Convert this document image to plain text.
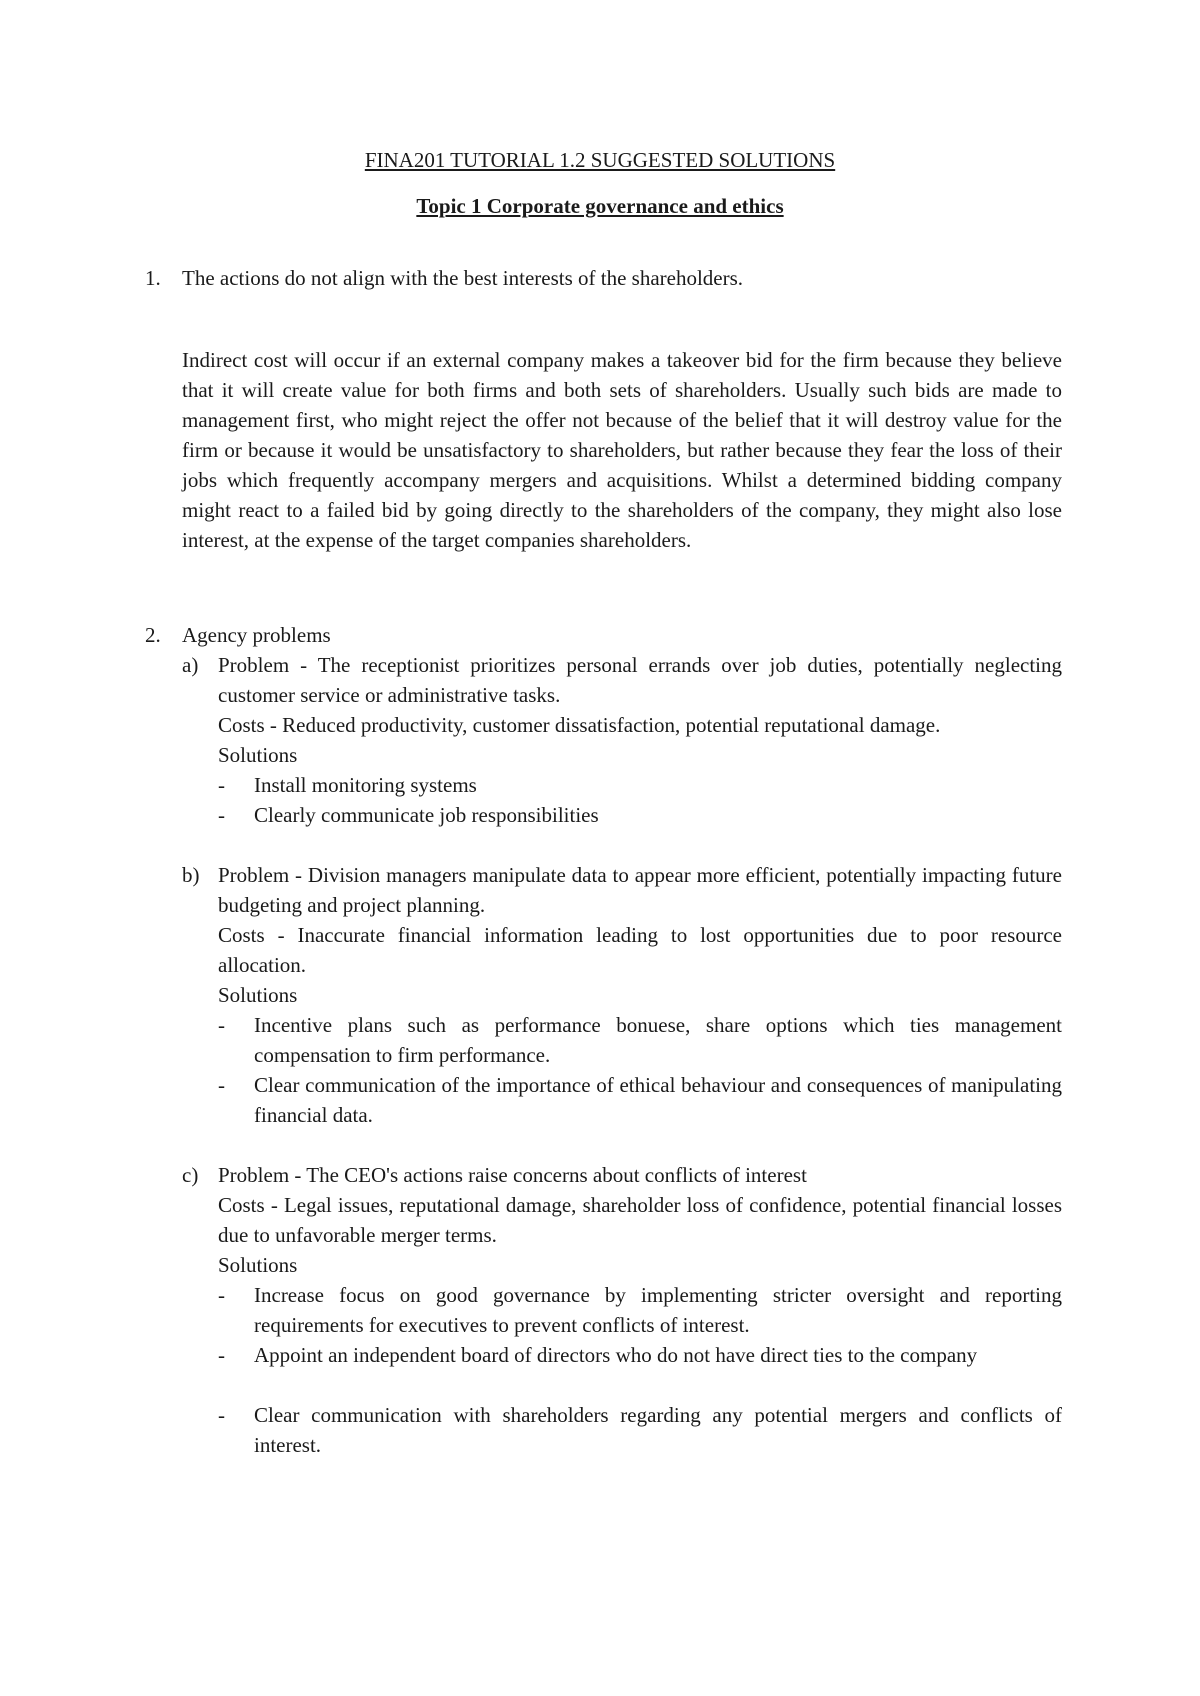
FINA201 TUTORIAL 1.2 SUGGESTED SOLUTIONS
Topic 1 Corporate governance and ethics
1. The actions do not align with the best interests of the shareholders.

Indirect cost will occur if an external company makes a takeover bid for the firm because they believe that it will create value for both firms and both sets of shareholders. Usually such bids are made to management first, who might reject the offer not because of the belief that it will destroy value for the firm or because it would be unsatisfactory to shareholders, but rather because they fear the loss of their jobs which frequently accompany mergers and acquisitions. Whilst a determined bidding company might react to a failed bid by going directly to the shareholders of the company, they might also lose interest, at the expense of the target companies shareholders.

2. Agency problems
a) Problem - The receptionist prioritizes personal errands over job duties, potentially neglecting customer service or administrative tasks.

Costs - Reduced productivity, customer dissatisfaction, potential reputational damage.
Solutions
- Install monitoring systems
- Clearly communicate job responsibilities
b) Problem - Division managers manipulate data to appear more efficient, potentially impacting future budgeting and project planning.

Costs - Inaccurate financial information leading to lost opportunities due to poor resource allocation.

Solutions
- Incentive plans such as performance bonuese, share options which ties management compensation to firm performance.

- Clear communication of the importance of ethical behaviour and consequences of manipulating financial data.

c) Problem - The CEO's actions raise concerns about conflicts of interest

Costs - Legal issues, reputational damage, shareholder loss of confidence, potential financial losses due to unfavorable merger terms.

Solutions
- Increase focus on good governance by implementing stricter oversight and reporting requirements for executives to prevent conflicts of interest.

- Appoint an independent board of directors who do not have direct ties to the company

- Clear communication with shareholders regarding any potential mergers and conflicts of interest.
